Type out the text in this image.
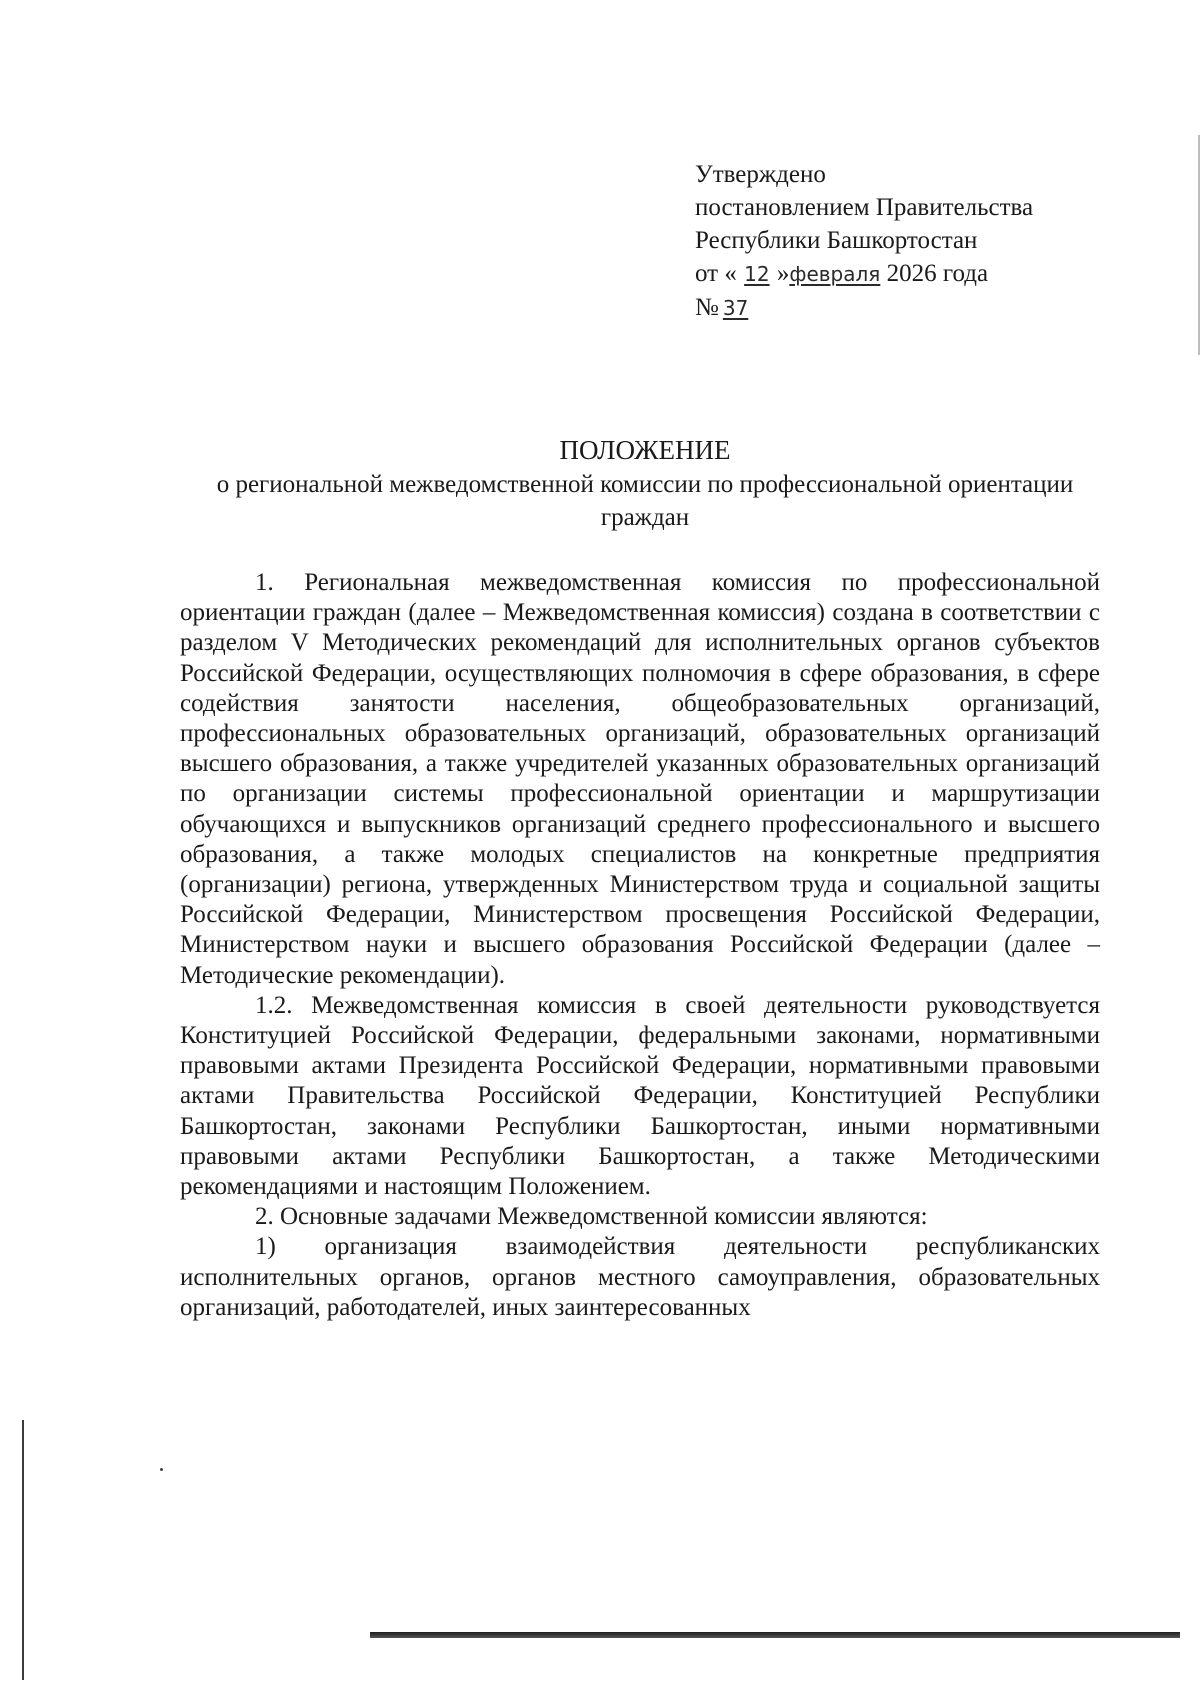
Утверждено
постановлением Правительства
Республики Башкортостан
от « 12 »февраля 2026 года
№ 37
ПОЛОЖЕНИЕ
о региональной межведомственной комиссии по профессиональной ориентации граждан

1. Региональная межведомственная комиссия по профессиональной ориентации граждан (далее – Межведомственная комиссия) создана в соответствии с разделом V Методических рекомендаций для исполнительных органов субъектов Российской Федерации, осуществляющих полномочия в сфере образования, в сфере содействия занятости населения, общеобразовательных организаций, профессиональных образовательных организаций, образовательных организаций высшего образования, а также учредителей указанных образовательных организаций по организации системы профессиональной ориентации и маршрутизации обучающихся и выпускников организаций среднего профессионального и высшего образования, а также молодых специалистов на конкретные предприятия (организации) региона, утвержденных Министерством труда и социальной защиты Российской Федерации, Министерством просвещения Российской Федерации, Министерством науки и высшего образования Российской Федерации (далее – Методические рекомендации).

1.2. Межведомственная комиссия в своей деятельности руководствуется Конституцией Российской Федерации, федеральными законами, нормативными правовыми актами Президента Российской Федерации, нормативными правовыми актами Правительства Российской Федерации, Конституцией Республики Башкортостан, законами Республики Башкортостан, иными нормативными правовыми актами Республики Башкортостан, а также Методическими рекомендациями и настоящим Положением.

2. Основные задачами Межведомственной комиссии являются:

1) организация взаимодействия деятельности республиканских исполнительных органов, органов местного самоуправления, образовательных организаций, работодателей, иных заинтересованных
